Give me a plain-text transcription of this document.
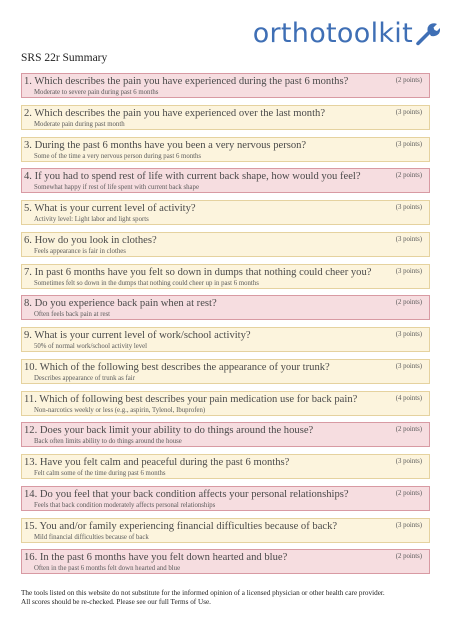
orthotoolkit
SRS 22r Summary
1. Which describes the pain you have experienced during the past 6 months?	(2 points)
Moderate to severe pain during past 6 months
2. Which describes the pain you have experienced over the last month?	(3 points)
Moderate pain during past month
3. During the past 6 months have you been a very nervous person?	(3 points)
Some of the time a very nervous person during past 6 months
4. If you had to spend rest of life with current back shape, how would you feel?	(2 points)
Somewhat happy if rest of life spent with current back shape
5. What is your current level of activity?	(3 points)
Activity level: Light labor and light sports
6. How do you look in clothes?	(3 points)
Feels appearance is fair in clothes
7. In past 6 months have you felt so down in dumps that nothing could cheer you?	(3 points)
Sometimes felt so down in the dumps that nothing could cheer up in past 6 months
8. Do you experience back pain when at rest?	(2 points)
Often feels back pain at rest
9. What is your current level of work/school activity?	(3 points)
50% of normal work/school activity level
10. Which of the following best describes the appearance of your trunk?	(3 points)
Describes appearance of trunk as fair
11. Which of following best describes your pain medication use for back pain?	(4 points)
Non-narcotics weekly or less (e.g., aspirin, Tylenol, Ibuprofen)
12. Does your back limit your ability to do things around the house?	(2 points)
Back often limits ability to do things around the house
13. Have you felt calm and peaceful during the past 6 months?	(3 points)
Felt calm some of the time during past 6 months
14. Do you feel that your back condition affects your personal relationships?	(2 points)
Feels that back condition moderately affects personal relationships
15. You and/or family experiencing financial difficulties because of back?	(3 points)
Mild financial difficulties because of back
16. In the past 6 months have you felt down hearted and blue?	(2 points)
Often in the past 6 months felt down hearted and blue
The tools listed on this website do not substitute for the informed opinion of a licensed physician or other health care provider.
All scores should be re-checked. Please see our full Terms of Use.
